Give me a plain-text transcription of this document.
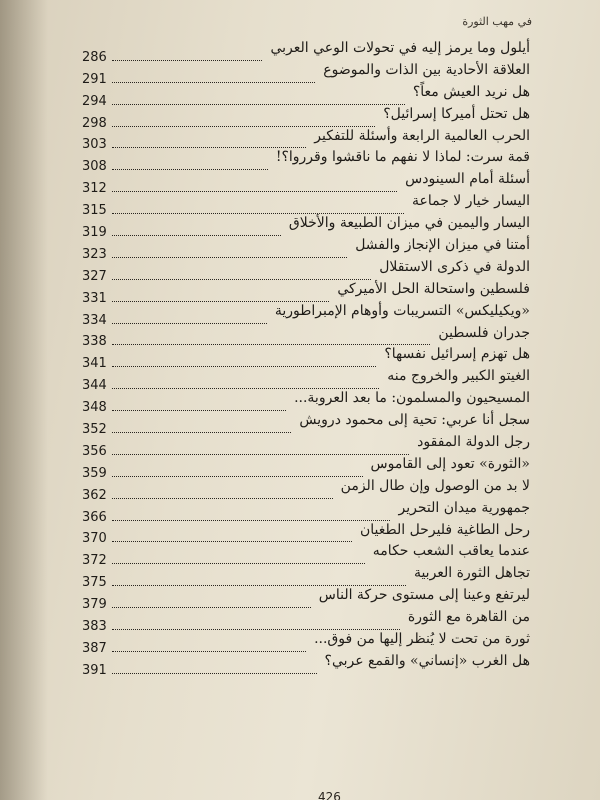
في مهب الثورة
286
أيلول وما يرمز إليه في تحولات الوعي العربي
291
العلاقة الأحادية بين الذات والموضوع
294
هل نريد العيش معاً؟
298
هل تحتل أميركا إسرائيل؟
303
الحرب العالمية الرابعة وأسئلة للتفكير
308
قمة سرت: لماذا لا نفهم ما ناقشوا وقرروا؟!
312
أسئلة أمام السينودس
315
اليسار خيار لا جماعة
319
اليسار واليمين في ميزان الطبيعة والأخلاق
323
أمتنا في ميزان الإنجاز والفشل
327
الدولة في ذكرى الاستقلال
331
فلسطين واستحالة الحل الأميركي
334
«ويكيليكس» التسريبات وأوهام الإمبراطورية
338
جدران فلسطين
341
هل تهزم إسرائيل نفسها؟
344
الغيتو الكبير والخروج منه
348
المسيحيون والمسلمون: ما بعد العروبة...
352
سجل أنا عربي: تحية إلى محمود درويش
356
رجل الدولة المفقود
359
«الثورة» تعود إلى القاموس
362
لا بد من الوصول وإن طال الزمن
366
جمهورية ميدان التحرير
370
رحل الطاغية فليرحل الطغيان
372
عندما يعاقب الشعب حكامه
375
تجاهل الثورة العربية
379
ليرتفع وعينا إلى مستوى حركة الناس
383
من القاهرة مع الثورة
387
ثورة من تحت لا يُنظر إليها من فوق...
391
هل الغرب «إنساني» والقمع عربي؟
426
